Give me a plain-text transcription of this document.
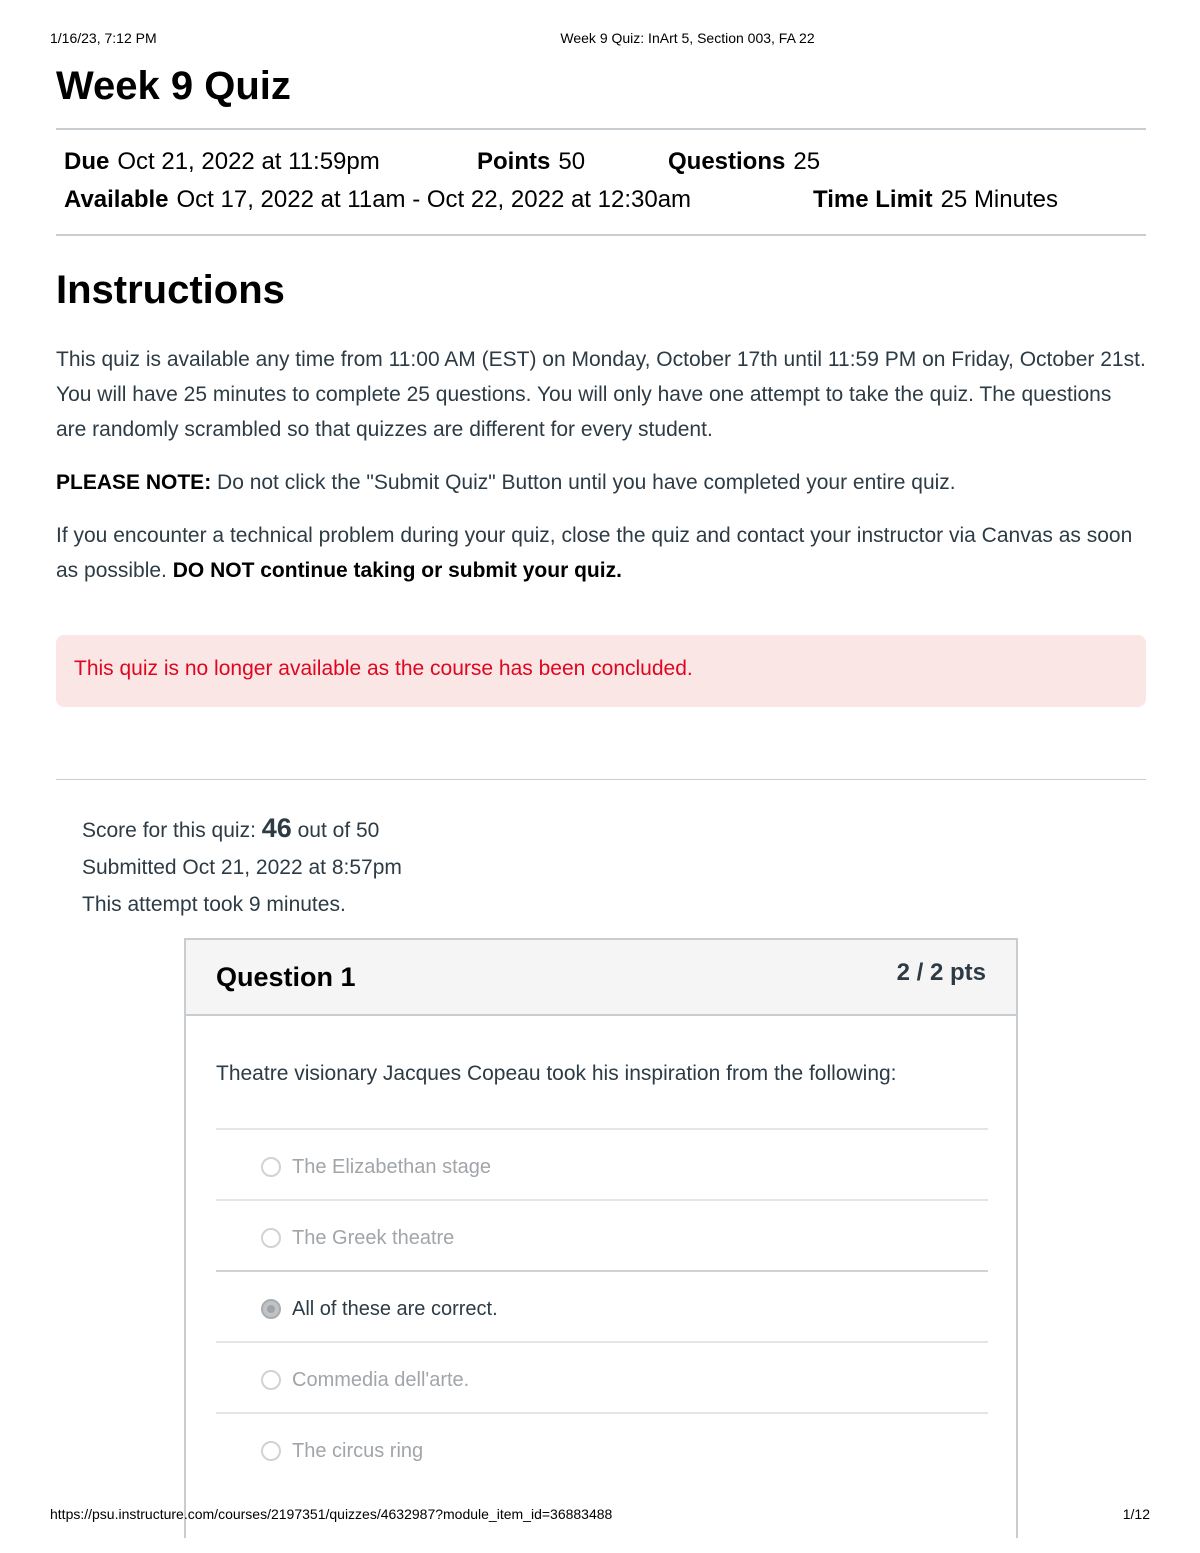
1/16/23, 7:12 PM	Week 9 Quiz: InArt 5, Section 003, FA 22
Week 9 Quiz
Due Oct 21, 2022 at 11:59pm	Points 50	Questions 25
Available Oct 17, 2022 at 11am - Oct 22, 2022 at 12:30am	Time Limit 25 Minutes
Instructions

This quiz is available any time from 11:00 AM (EST) on Monday, October 17th until 11:59 PM on Friday, October 21st. You will have 25 minutes to complete 25 questions. You will only have one attempt to take the quiz. The questions are randomly scrambled so that quizzes are different for every student.

PLEASE NOTE: Do not click the "Submit Quiz" Button until you have completed your entire quiz.

If you encounter a technical problem during your quiz, close the quiz and contact your instructor via Canvas as soon as possible. DO NOT continue taking or submit your quiz.

This quiz is no longer available as the course has been concluded.
Score for this quiz: 46 out of 50
Submitted Oct 21, 2022 at 8:57pm
This attempt took 9 minutes.
Question 1	2 / 2 pts
Theatre visionary Jacques Copeau took his inspiration from the following:
The Elizabethan stage
The Greek theatre
All of these are correct.
Commedia dell'arte.
The circus ring
https://psu.instructure.com/courses/2197351/quizzes/4632987?module_item_id=36883488	1/12
